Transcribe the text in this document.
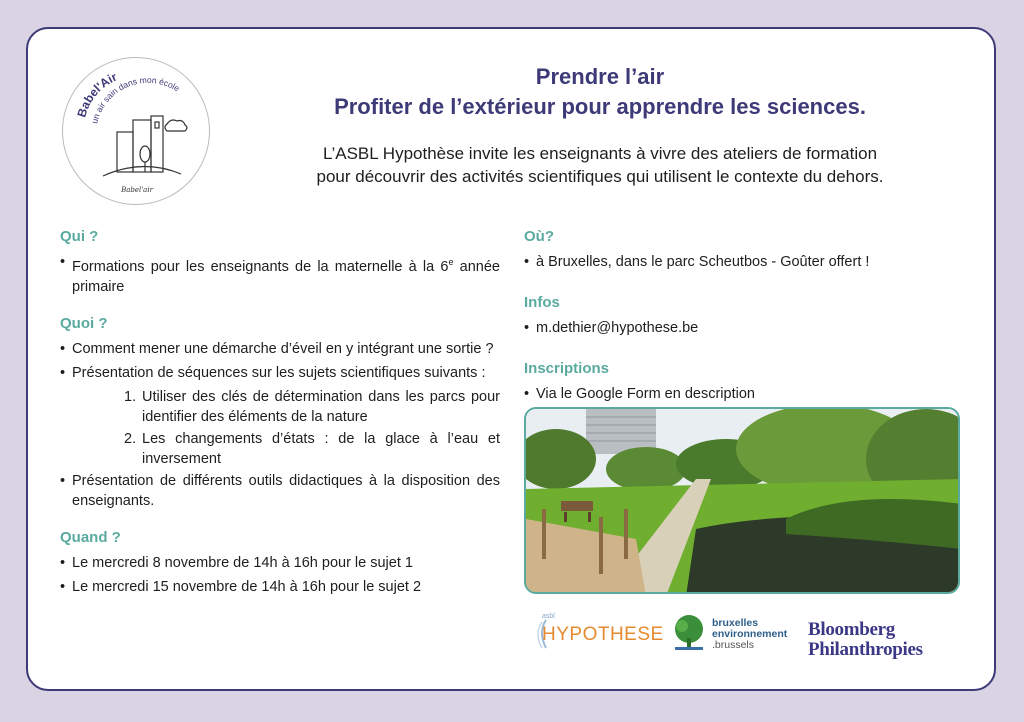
Babel'Air
un air sain dans mon école
Babel'air

Prendre l’air

Profiter de l’extérieur pour apprendre les sciences.

L’ASBL Hypothèse invite les enseignants à vivre des ateliers de formation
pour découvrir des activités scientifiques qui utilisent le contexte du dehors.

Qui ?

• Formations pour les enseignants de la maternelle à la 6e année primaire

Quoi ?

• Comment mener une démarche d’éveil en y intégrant une sortie ?
• Présentation de séquences sur les sujets scientifiques suivants :
1. Utiliser des clés de détermination dans les parcs pour identifier des éléments de la nature
2. Les changements d’états : de la glace à l’eau et inversement
• Présentation de différents outils didactiques à la disposition des enseignants.

Quand ?

• Le mercredi 8 novembre de 14h à 16h pour le sujet 1
• Le mercredi 15 novembre de 14h à 16h pour le sujet 2

Où?

• à Bruxelles, dans le parc Scheutbos - Goûter offert !

Infos

• m.dethier@hypothese.be

Inscriptions

• Via le Google Form en description
asbl
HYPOTHESE
bruxelles
environnement
.brussels
Bloomberg
Philanthropies
